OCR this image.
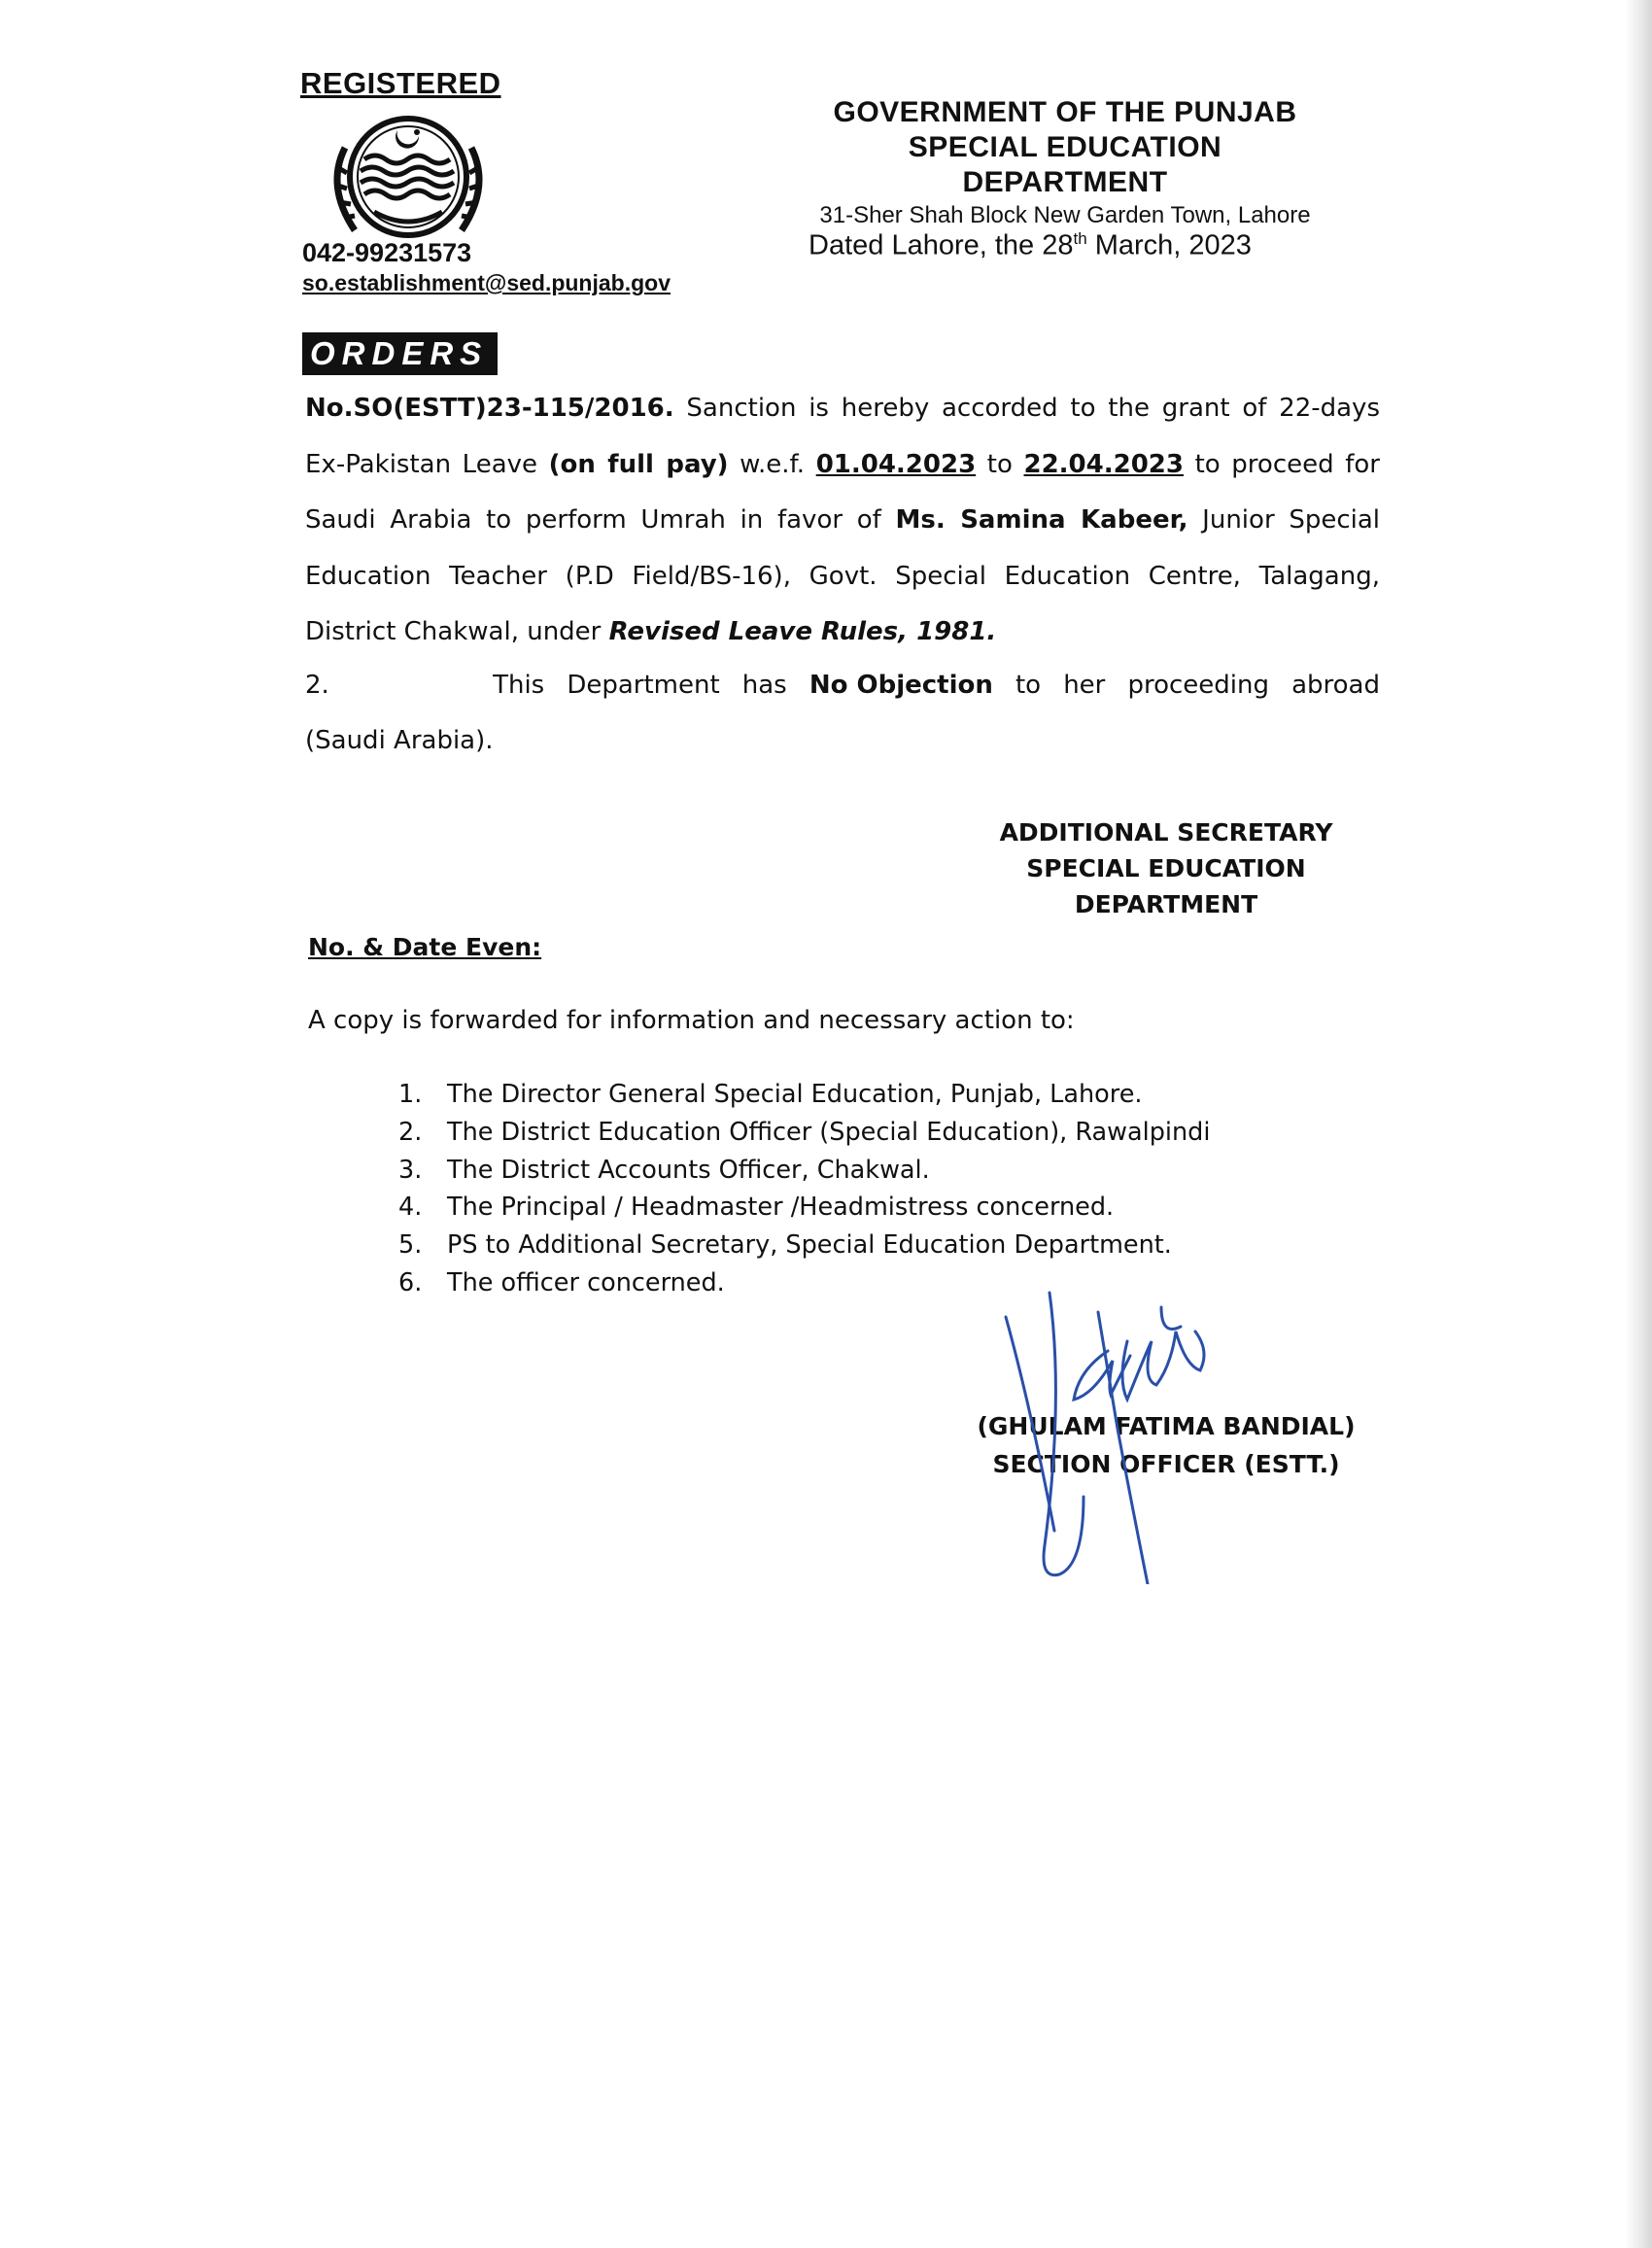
REGISTERED
042-99231573
so.establishment@sed.punjab.gov
GOVERNMENT OF THE PUNJAB
SPECIAL EDUCATION DEPARTMENT
31-Sher Shah Block New Garden Town, Lahore
Dated Lahore, the 28th March, 2023
ORDERS
No.SO(ESTT)23-115/2016. Sanction is hereby accorded to the grant of 22-days Ex-Pakistan Leave (on full pay) w.e.f. 01.04.2023 to 22.04.2023 to proceed for Saudi Arabia to perform Umrah in favor of Ms. Samina Kabeer, Junior Special Education Teacher (P.D Field/BS-16), Govt. Special Education Centre, Talagang, District Chakwal, under Revised Leave Rules, 1981.
2.	This Department has No Objection to her proceeding abroad
(Saudi Arabia).
ADDITIONAL SECRETARY
SPECIAL EDUCATION
DEPARTMENT
No. & Date Even:
A copy is forwarded for information and necessary action to:
1.	The Director General Special Education, Punjab, Lahore.
2.	The District Education Officer (Special Education), Rawalpindi
3.	The District Accounts Officer, Chakwal.
4.	The Principal / Headmaster /Headmistress concerned.
5.	PS to Additional Secretary, Special Education Department.
6.	The officer concerned.
(GHULAM FATIMA BANDIAL)
SECTION OFFICER (ESTT.)
